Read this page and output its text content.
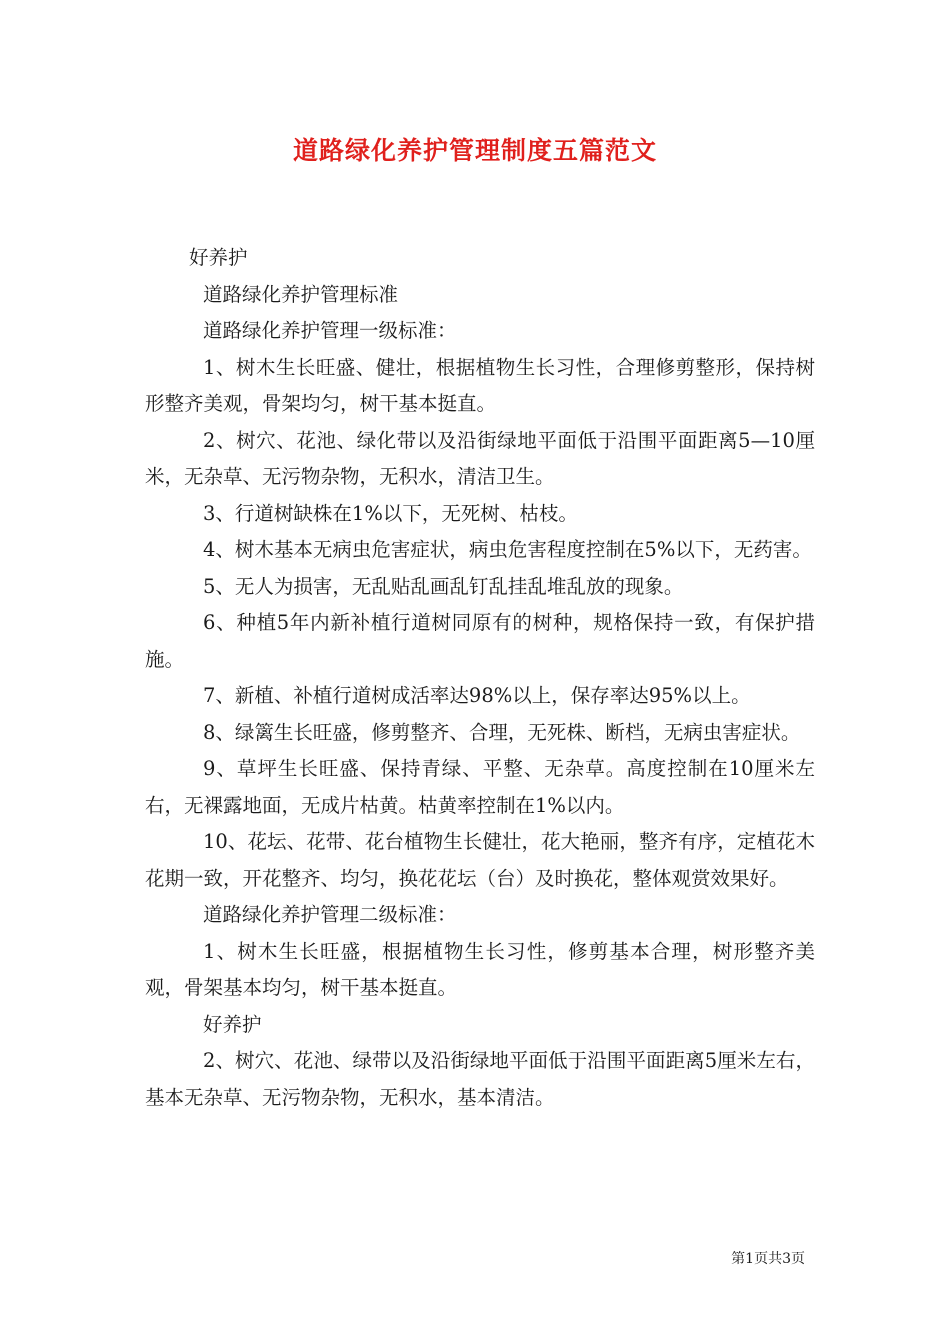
道路绿化养护管理制度五篇范文

好养护

道路绿化养护管理标准

道路绿化养护管理一级标准：

1、树木生长旺盛、健壮，根据植物生长习性，合理修剪整形，保持树形整齐美观，骨架均匀，树干基本挺直。

2、树穴、花池、绿化带以及沿街绿地平面低于沿围平面距离5—10厘米，无杂草、无污物杂物，无积水，清洁卫生。

3、行道树缺株在1%以下，无死树、枯枝。

4、树木基本无病虫危害症状，病虫危害程度控制在5%以下，无药害。

5、无人为损害，无乱贴乱画乱钉乱挂乱堆乱放的现象。

6、种植5年内新补植行道树同原有的树种，规格保持一致，有保护措施。

7、新植、补植行道树成活率达98%以上，保存率达95%以上。

8、绿篱生长旺盛，修剪整齐、合理，无死株、断档，无病虫害症状。

9、草坪生长旺盛、保持青绿、平整、无杂草。高度控制在10厘米左右，无裸露地面，无成片枯黄。枯黄率控制在1%以内。

10、花坛、花带、花台植物生长健壮，花大艳丽，整齐有序，定植花木花期一致，开花整齐、均匀，换花花坛（台）及时换花，整体观赏效果好。

道路绿化养护管理二级标准：

1、树木生长旺盛，根据植物生长习性，修剪基本合理，树形整齐美观，骨架基本均匀，树干基本挺直。

好养护

2、树穴、花池、绿带以及沿街绿地平面低于沿围平面距离5厘米左右，基本无杂草、无污物杂物，无积水，基本清洁。

第1页共3页
